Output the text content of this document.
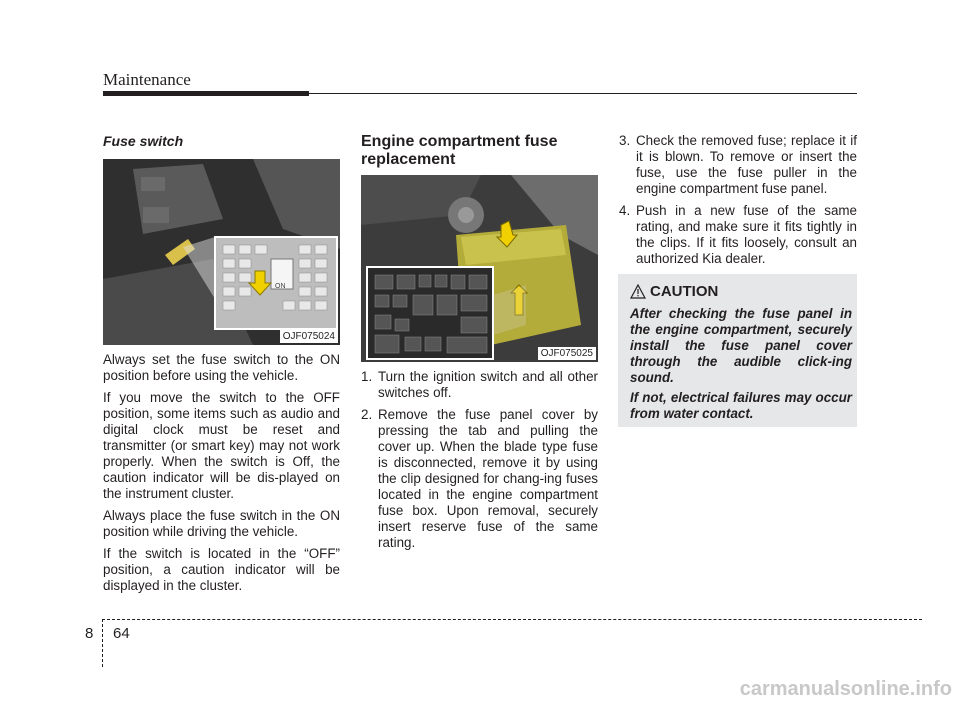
Maintenance
Fuse switch
ON
OJF075024

Always set the fuse switch to the ON position before using the vehicle.

If you move the switch to the OFF position, some items such as audio and digital clock must be reset and transmitter (or smart key) may not work properly. When the switch is Off, the caution indicator will be dis-played on the instrument cluster.

Always place the fuse switch in the ON position while driving the vehicle.

If the switch is located in the “OFF” position, a caution indicator will be displayed in the cluster.

Engine compartment fuse replacement
OJF075025
1. Turn the ignition switch and all other switches off.
2. Remove the fuse panel cover by pressing the tab and pulling the cover up. When the blade type fuse is disconnected, remove it by using the clip designed for chang-ing fuses located in the engine compartment fuse box. Upon removal, securely insert reserve fuse of the same rating.
3. Check the removed fuse; replace it if it is blown. To remove or insert the fuse, use the fuse puller in the engine compartment fuse panel.
4. Push in a new fuse of the same rating, and make sure it fits tightly in the clips. If it fits loosely, consult an authorized Kia dealer.
CAUTION

After checking the fuse panel in the engine compartment, securely install the fuse panel cover through the audible click-ing sound.

If not, electrical failures may occur from water contact.

8 64
carmanualsonline.info
